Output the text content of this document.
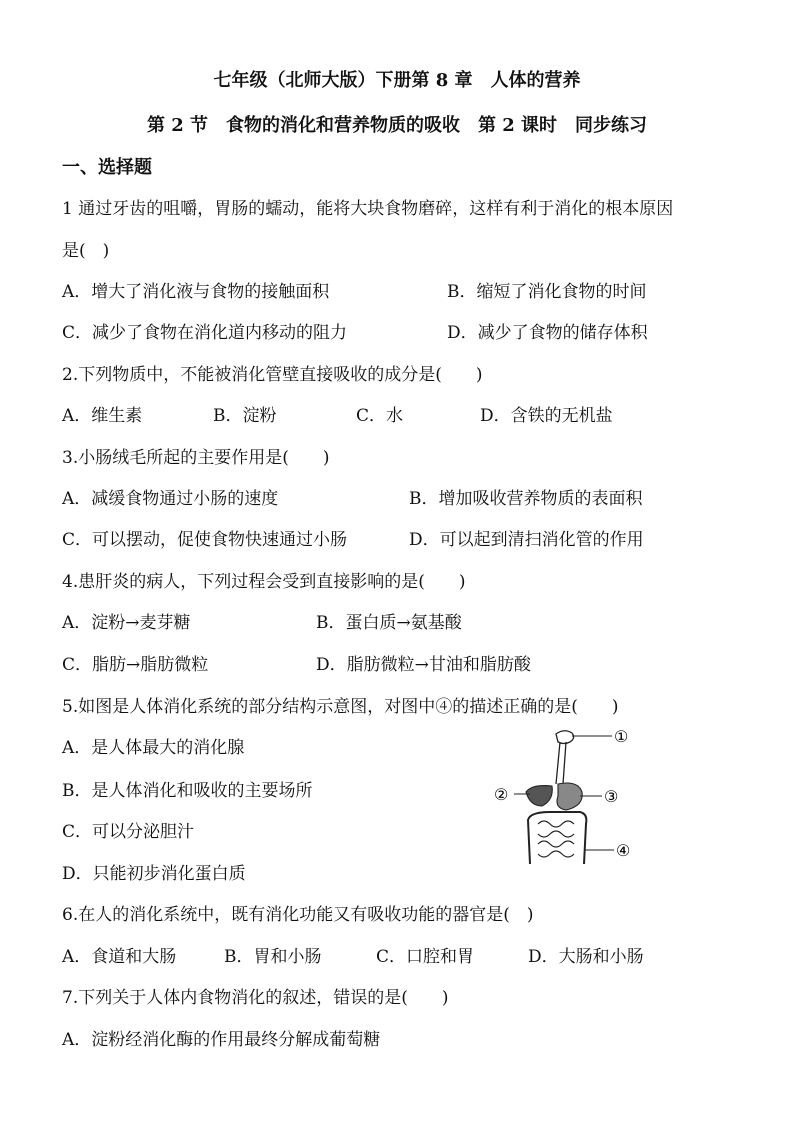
七年级（北师大版）下册第 8 章　人体的营养
第 2 节　食物的消化和营养物质的吸收　第 2 课时　同步练习
一、选择题
1 通过牙齿的咀嚼，胃肠的蠕动，能将大块食物磨碎，这样有利于消化的根本原因
是(　)
A．增大了消化液与食物的接触面积	B．缩短了消化食物的时间
C．减少了食物在消化道内移动的阻力	D．减少了食物的储存体积
2.下列物质中，不能被消化管壁直接吸收的成分是(　　)
A．维生素	B．淀粉	C．水	D．含铁的无机盐
3.小肠绒毛所起的主要作用是(　　)
A．减缓食物通过小肠的速度	B．增加吸收营养物质的表面积
C．可以摆动，促使食物快速通过小肠	D．可以起到清扫消化管的作用
4.患肝炎的病人，下列过程会受到直接影响的是(　　)
A．淀粉→麦芽糖	B．蛋白质→氨基酸
C．脂肪→脂肪微粒	D．脂肪微粒→甘油和脂肪酸
5.如图是人体消化系统的部分结构示意图，对图中④的描述正确的是(　　)
A．是人体最大的消化腺
B．是人体消化和吸收的主要场所
C．可以分泌胆汁
D．只能初步消化蛋白质
①
②	③
④
6.在人的消化系统中，既有消化功能又有吸收功能的器官是(　)
A．食道和大肠	B．胃和小肠	C．口腔和胃	D．大肠和小肠
7.下列关于人体内食物消化的叙述，错误的是(　　)
A．淀粉经消化酶的作用最终分解成葡萄糖
